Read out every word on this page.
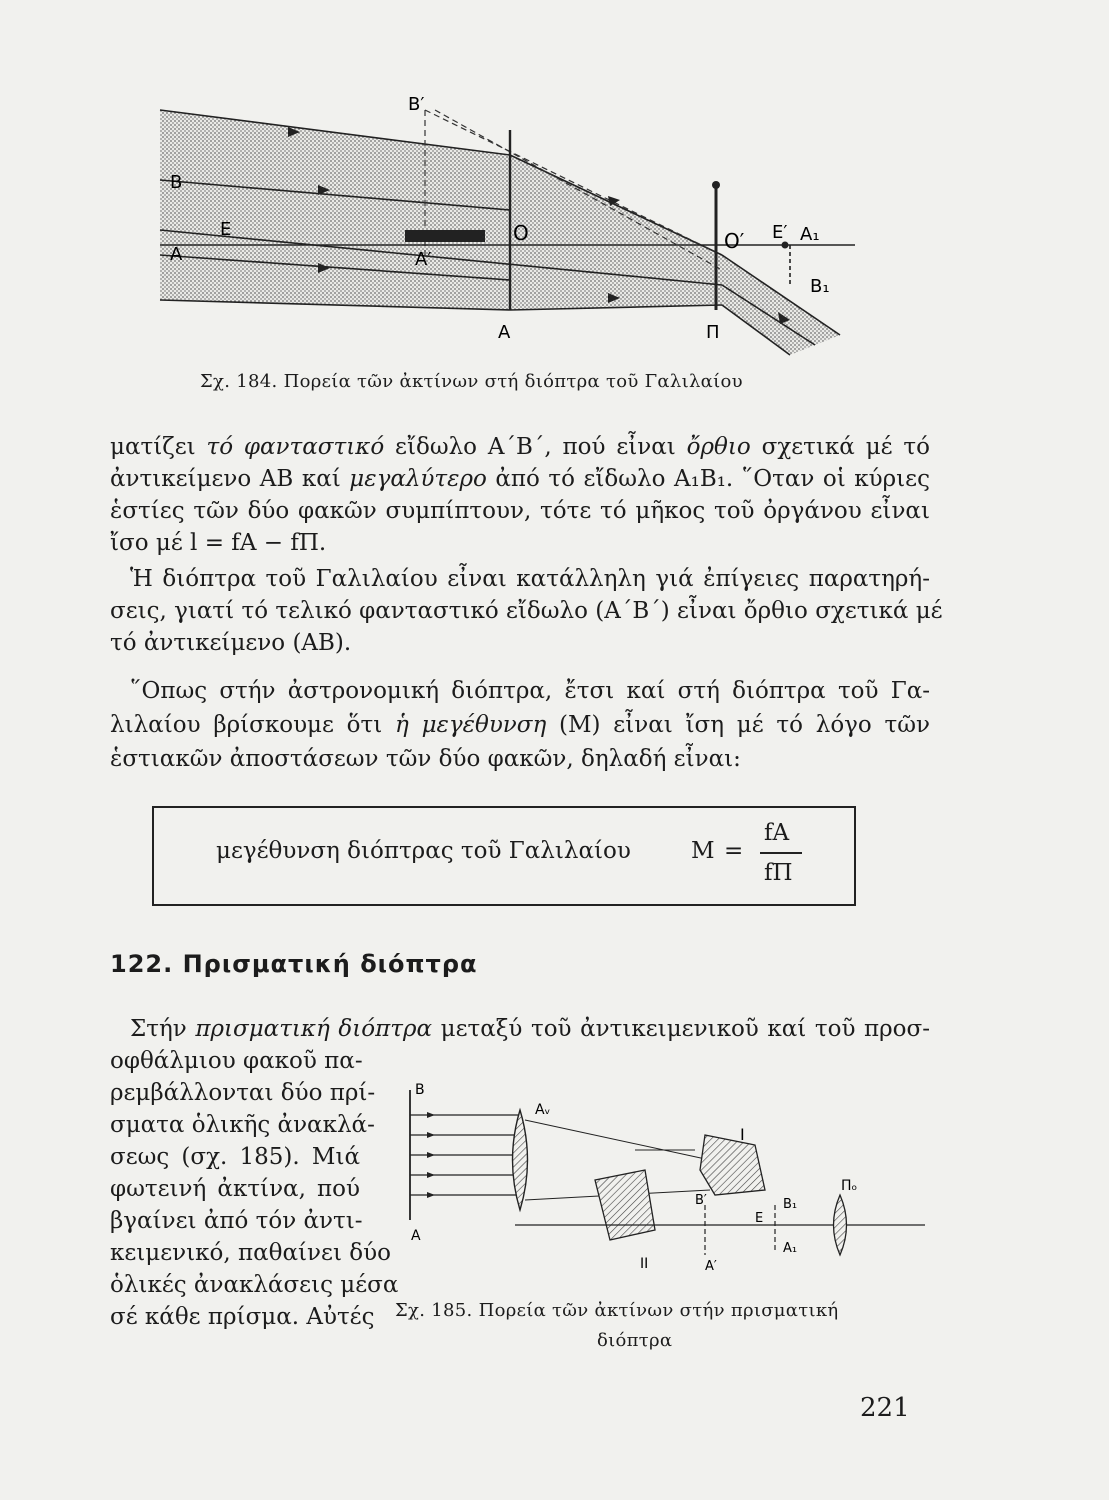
B′
B
E
A	A′
O
A
O′ E′ A₁
B₁
Π
Σχ. 184. Πορεία τῶν ἀκτίνων στή διόπτρα τοῦ Γαλιλαίου
ματίζει τό φανταστικό εἴδωλο A΄B΄, πού εἶναι ὄρθιο σχετικά μέ τό
ἀντικείμενο AB καί μεγαλύτερο ἀπό τό εἴδωλο A₁B₁. ῞Οταν οἱ κύριες
ἑστίες τῶν δύο φακῶν συμπίπτουν, τότε τό μῆκος τοῦ ὀργάνου εἶναι
ἴσο μέ l = fA − fΠ.
Ἡ διόπτρα τοῦ Γαλιλαίου εἶναι κατάλληλη γιά ἐπίγειες παρατηρή-
σεις, γιατί τό τελικό φανταστικό εἴδωλο (A΄B΄) εἶναι ὄρθιο σχετικά μέ
τό ἀντικείμενο (AB).
῞Οπως στήν ἀστρονομική διόπτρα, ἔτσι καί στή διόπτρα τοῦ Γα-
λιλαίου βρίσκουμε ὅτι ἡ μεγέθυνση (M) εἶναι ἴση μέ τό λόγο τῶν
ἑστιακῶν ἀποστάσεων τῶν δύο φακῶν, δηλαδή εἶναι:
μεγέθυνση διόπτρας τοῦ Γαλιλαίου	M =
fA
fΠ
122. Πρισματική διόπτρα
Στήν πρισματική διόπτρα μεταξύ τοῦ ἀντικειμενικοῦ καί τοῦ προσ-
οφθάλμιου φακοῦ πα-
ρεμβάλλονται δύο πρί-
σματα ὁλικῆς ἀνακλά-
σεως (σχ. 185). Μιά
φωτεινή ἀκτίνα, πού
βγαίνει ἀπό τόν ἀντι-
κειμενικό, παθαίνει δύο
ὁλικές ἀνακλάσεις μέσα
σέ κάθε πρίσμα. Αὐτές
B
A
Aᵥ
I
II
B′	B₁
E
A₁
A′
Πₒ
Σχ. 185. Πορεία τῶν ἀκτίνων στήν πρισματική
διόπτρα
221
